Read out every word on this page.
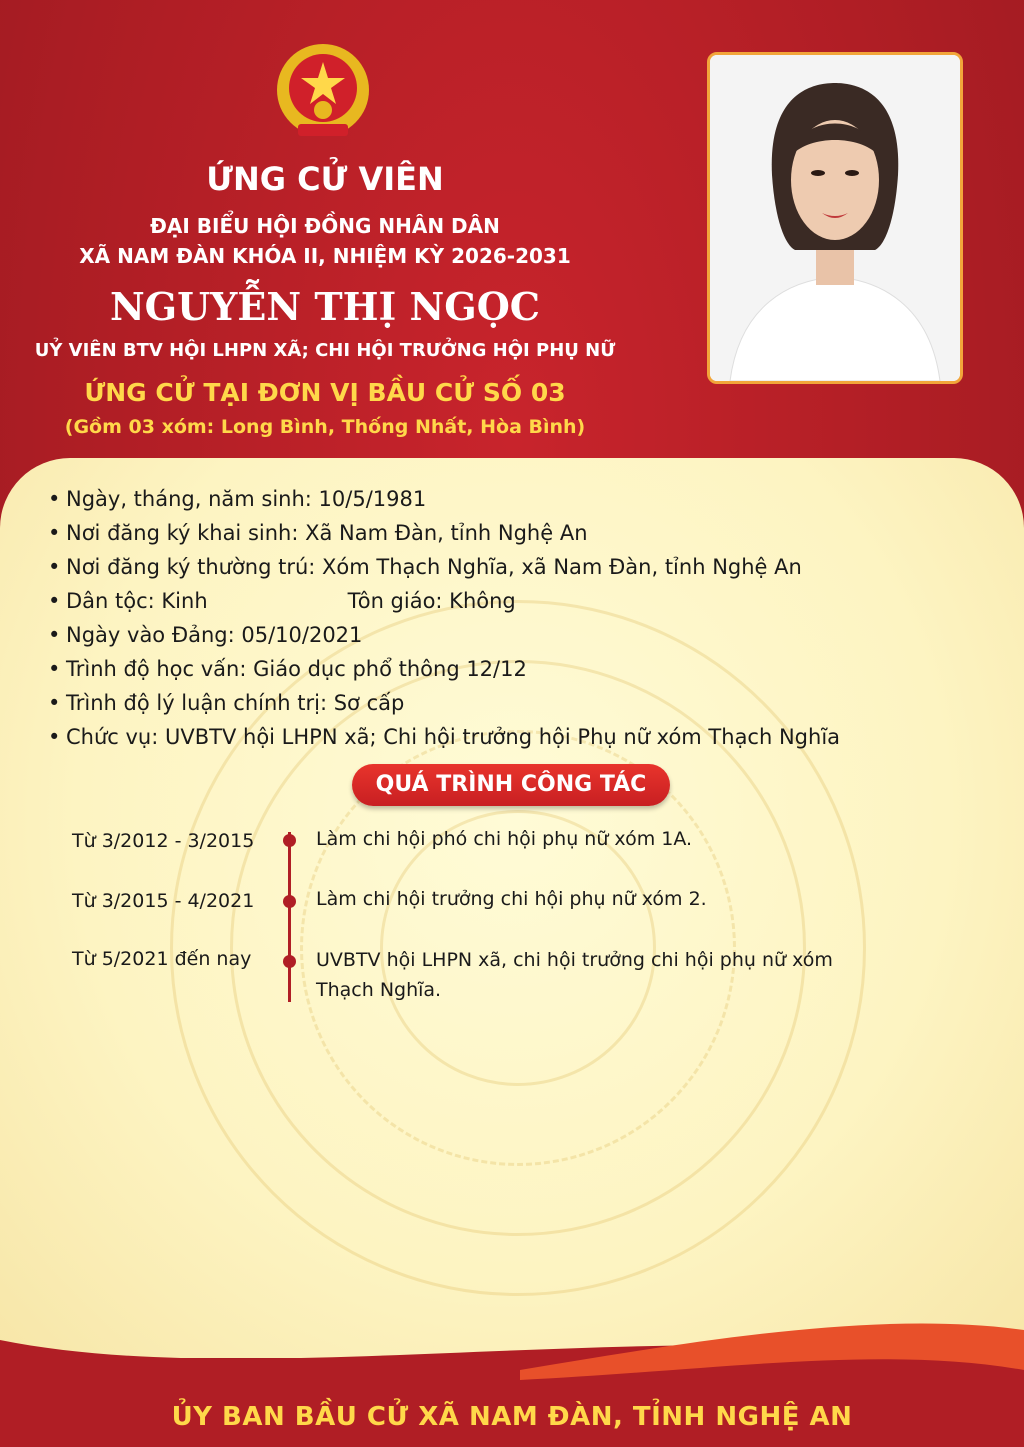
ỨNG CỬ VIÊN
ĐẠI BIỂU HỘI ĐỒNG NHÂN DÂN
XÃ NAM ĐÀN KHÓA II, NHIỆM KỲ 2026-2031
NGUYỄN THỊ NGỌC
UỶ VIÊN BTV HỘI LHPN XÃ; CHI HỘI TRƯỞNG HỘI PHỤ NỮ
ỨNG CỬ TẠI ĐƠN VỊ BẦU CỬ SỐ 03
(Gồm 03 xóm: Long Bình, Thống Nhất, Hòa Bình)
• Ngày, tháng, năm sinh: 10/5/1981
• Nơi đăng ký khai sinh: Xã Nam Đàn, tỉnh Nghệ An
• Nơi đăng ký thường trú: Xóm Thạch Nghĩa, xã Nam Đàn, tỉnh Nghệ An
• Dân tộc: Kinh	Tôn giáo: Không
• Ngày vào Đảng: 05/10/2021
• Trình độ học vấn: Giáo dục phổ thông 12/12
• Trình độ lý luận chính trị: Sơ cấp
• Chức vụ: UVBTV hội LHPN xã; Chi hội trưởng hội Phụ nữ xóm Thạch Nghĩa
QUÁ TRÌNH CÔNG TÁC
Từ 3/2012 - 3/2015	Làm chi hội phó chi hội phụ nữ xóm 1A.
Từ 3/2015 - 4/2021	Làm chi hội trưởng chi hội phụ nữ xóm 2.
Từ 5/2021 đến nay	UVBTV hội LHPN xã, chi hội trưởng chi hội phụ nữ xóm Thạch Nghĩa.
ỦY BAN BẦU CỬ XÃ NAM ĐÀN, TỈNH NGHỆ AN
